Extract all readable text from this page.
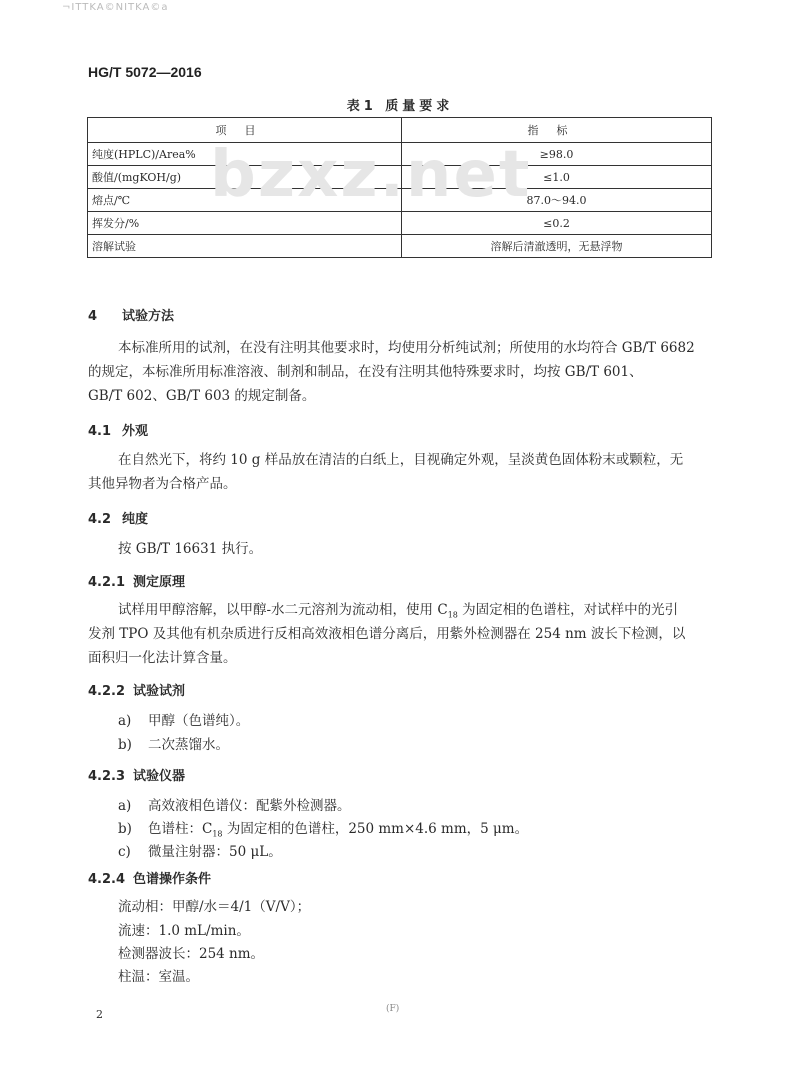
¬ITTKA©NITKA©a
HG/T 5072—2016
表1 质量要求
项目	指标
纯度(HPLC)/Area%	≥98.0
酸值/(mgKOH/g)	≤1.0
熔点/℃	87.0～94.0
挥发分/%	≤0.2
溶解试验	溶解后清澈透明，无悬浮物
bzxz.net
4 试验方法
本标准所用的试剂，在没有注明其他要求时，均使用分析纯试剂；所使用的水均符合 GB/T 6682
的规定，本标准所用标准溶液、制剂和制品，在没有注明其他特殊要求时，均按 GB/T 601、
GB/T 602、GB/T 603 的规定制备。
4.1 外观
在自然光下，将约 10 g 样品放在清洁的白纸上，目视确定外观，呈淡黄色固体粉末或颗粒，无
其他异物者为合格产品。
4.2 纯度
按 GB/T 16631 执行。
4.2.1 测定原理
试样用甲醇溶解，以甲醇-水二元溶剂为流动相，使用 $C_{18}$ 为固定相的色谱柱，对试样中的光引
发剂 TPO 及其他有机杂质进行反相高效液相色谱分离后，用紫外检测器在 254 nm 波长下检测，以
面积归一化法计算含量。
4.2.2 试验试剂
a) 甲醇（色谱纯）。
b) 二次蒸馏水。
4.2.3 试验仪器
a) 高效液相色谱仪：配紫外检测器。
b) 色谱柱：$C_{18}$ 为固定相的色谱柱，250 mm×4.6 mm，5 μm。
c) 微量注射器：50 μL。
4.2.4 色谱操作条件
流动相：甲醇/水＝4/1（V/V）；
流速：1.0 mL/min。
检测器波长：254 nm。
柱温：室温。
2	(F)
